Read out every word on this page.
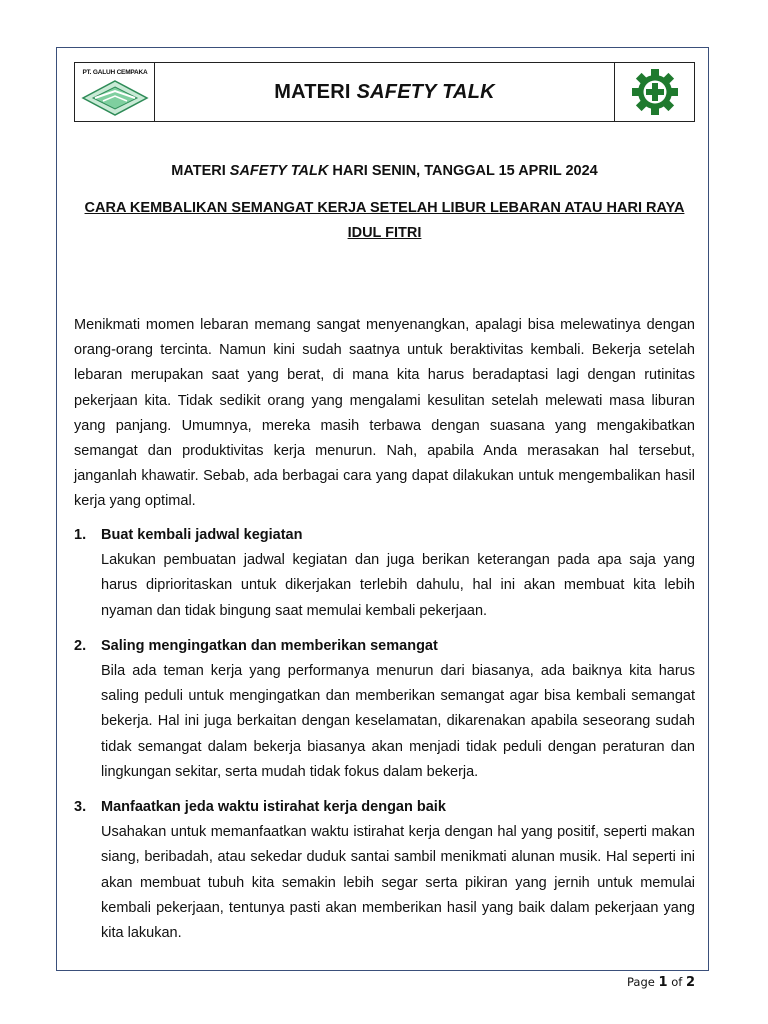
PT. GALUH CEMPAKA
MATERI SAFETY TALK
MATERI SAFETY TALK HARI SENIN, TANGGAL 15 APRIL 2024
CARA KEMBALIKAN SEMANGAT KERJA SETELAH LIBUR LEBARAN ATAU HARI RAYA IDUL FITRI

Menikmati momen lebaran memang sangat menyenangkan, apalagi bisa melewatinya dengan orang-orang tercinta. Namun kini sudah saatnya untuk beraktivitas kembali. Bekerja setelah lebaran merupakan saat yang berat, di mana kita harus beradaptasi lagi dengan rutinitas pekerjaan kita. Tidak sedikit orang yang mengalami kesulitan setelah melewati masa liburan yang panjang. Umumnya, mereka masih terbawa dengan suasana yang mengakibatkan semangat dan produktivitas kerja menurun. Nah, apabila Anda merasakan hal tersebut, janganlah khawatir. Sebab, ada berbagai cara yang dapat dilakukan untuk mengembalikan hasil kerja yang optimal.

1. Buat kembali jadwal kegiatan

Lakukan pembuatan jadwal kegiatan dan juga berikan keterangan pada apa saja yang harus diprioritaskan untuk dikerjakan terlebih dahulu, hal ini akan membuat kita lebih nyaman dan tidak bingung saat memulai kembali pekerjaan.

2. Saling mengingatkan dan memberikan semangat

Bila ada teman kerja yang performanya menurun dari biasanya, ada baiknya kita harus saling peduli untuk mengingatkan dan memberikan semangat agar bisa kembali semangat bekerja. Hal ini juga berkaitan dengan keselamatan, dikarenakan apabila seseorang sudah tidak semangat dalam bekerja biasanya akan menjadi tidak peduli dengan peraturan dan lingkungan sekitar, serta mudah tidak fokus dalam bekerja.

3. Manfaatkan jeda waktu istirahat kerja dengan baik

Usahakan untuk memanfaatkan waktu istirahat kerja dengan hal yang positif, seperti makan siang, beribadah, atau sekedar duduk santai sambil menikmati alunan musik. Hal seperti ini akan membuat tubuh kita semakin lebih segar serta pikiran yang jernih untuk memulai kembali pekerjaan, tentunya pasti akan memberikan hasil yang baik dalam pekerjaan yang kita lakukan.

Page 1 of 2
